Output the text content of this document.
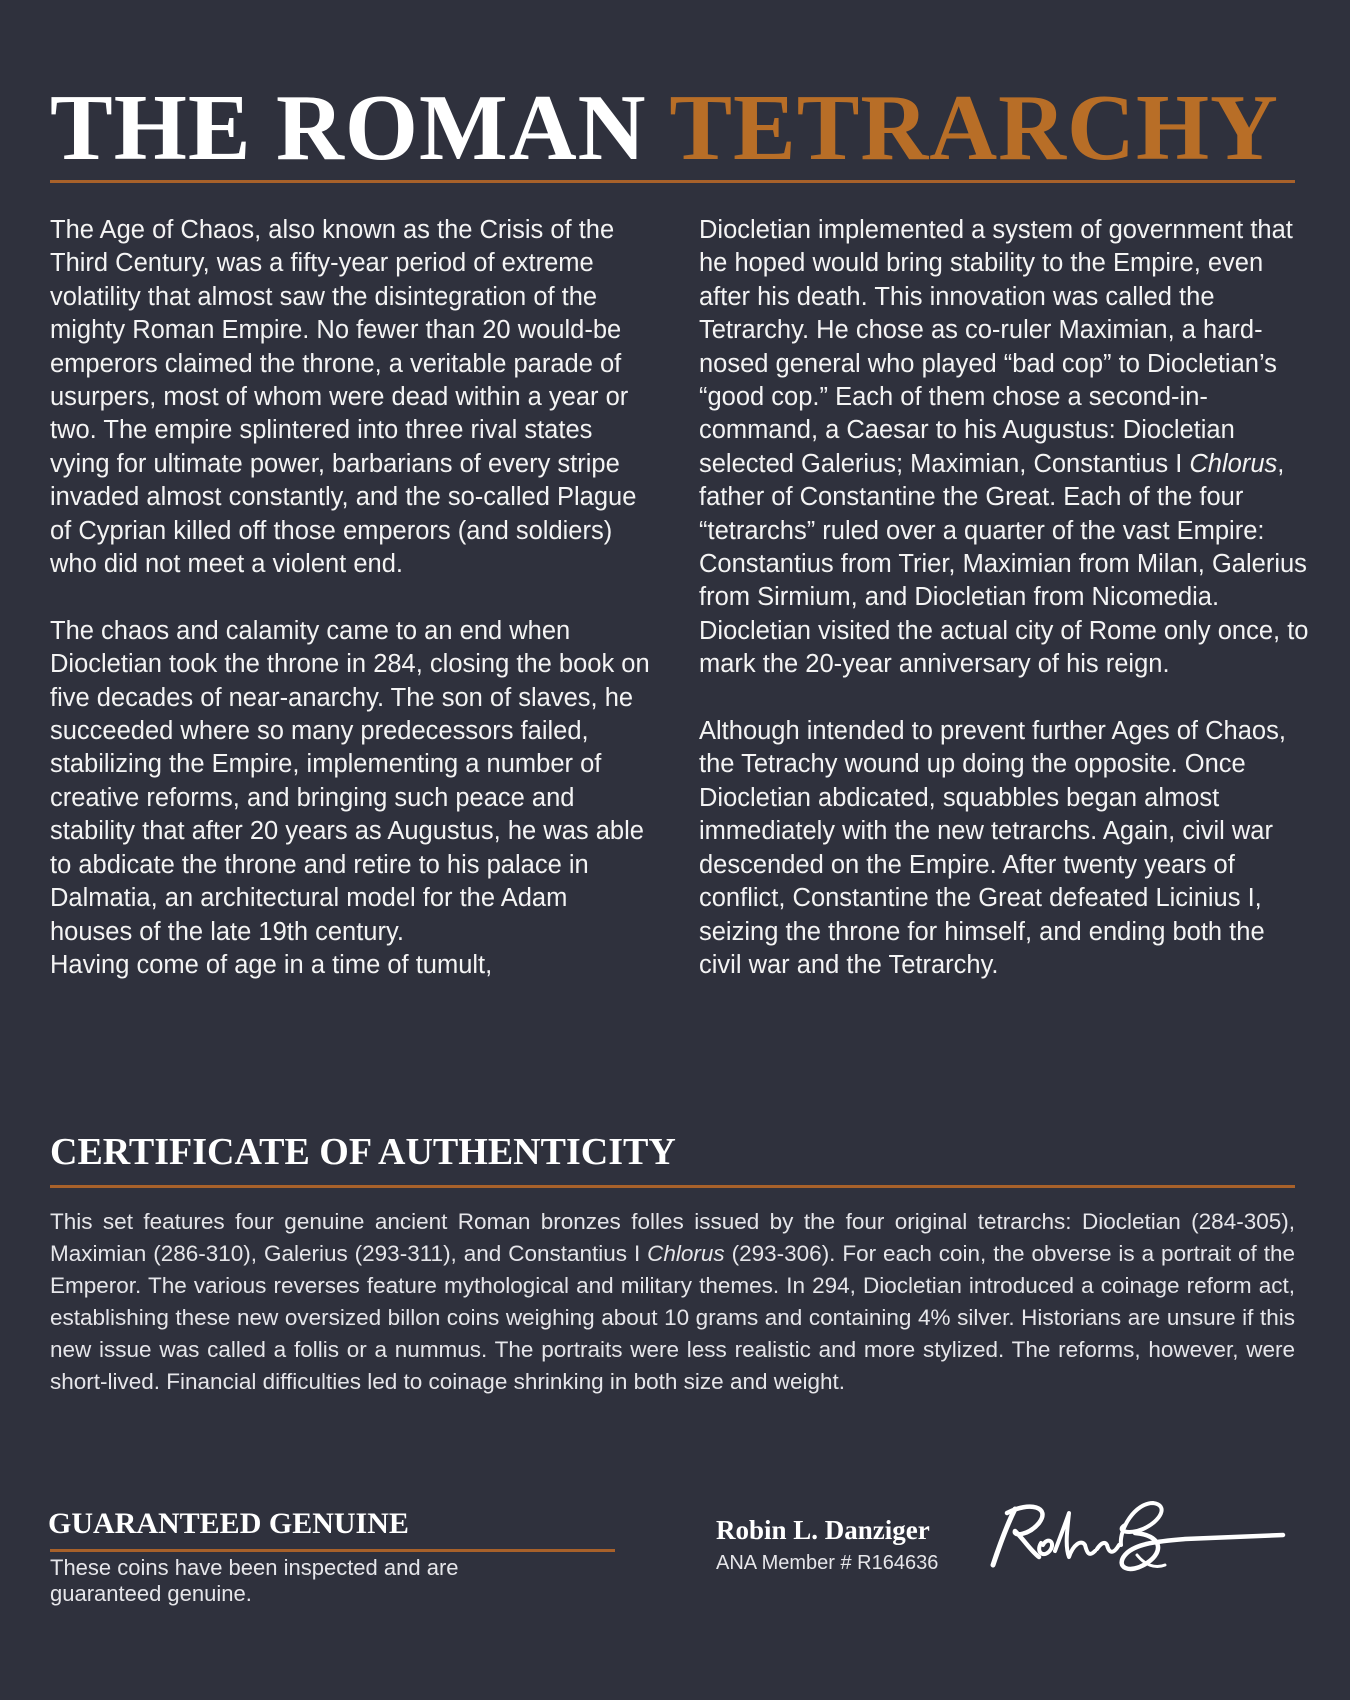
THE ROMAN TETRARCHY

The Age of Chaos, also known as the Crisis of the Third Century, was a fifty-year period of extreme volatility that almost saw the disintegration of the mighty Roman Empire. No fewer than 20 would-be emperors claimed the throne, a veritable parade of usurpers, most of whom were dead within a year or two. The empire splintered into three rival states vying for ultimate power, barbarians of every stripe invaded almost constantly, and the so-called Plague of Cyprian killed off those emperors (and soldiers) who did not meet a violent end.

The chaos and calamity came to an end when Diocletian took the throne in 284, closing the book on five decades of near-anarchy. The son of slaves, he succeeded where so many predecessors failed, stabilizing the Empire, implementing a number of creative reforms, and bringing such peace and stability that after 20 years as Augustus, he was able to abdicate the throne and retire to his palace in Dalmatia, an architectural model for the Adam houses of the late 19th century.

Having come of age in a time of tumult,

Diocletian implemented a system of government that he hoped would bring stability to the Empire, even after his death. This innovation was called the Tetrarchy. He chose as co-ruler Maximian, a hard-nosed general who played “bad cop” to Diocletian’s “good cop.” Each of them chose a second-in-command, a Caesar to his Augustus: Diocletian selected Galerius; Maximian, Constantius I Chlorus, father of Constantine the Great. Each of the four “tetrarchs” ruled over a quarter of the vast Empire: Constantius from Trier, Maximian from Milan, Galerius from Sirmium, and Diocletian from Nicomedia. Diocletian visited the actual city of Rome only once, to mark the 20-year anniversary of his reign.

Although intended to prevent further Ages of Chaos, the Tetrachy wound up doing the opposite. Once Diocletian abdicated, squabbles began almost immediately with the new tetrarchs. Again, civil war descended on the Empire. After twenty years of conflict, Constantine the Great defeated Licinius I, seizing the throne for himself, and ending both the civil war and the Tetrarchy.

CERTIFICATE OF AUTHENTICITY

This set features four genuine ancient Roman bronzes folles issued by the four original tetrarchs: Diocletian (284-305), Maximian (286-310), Galerius (293-311), and Constantius I Chlorus (293-306). For each coin, the obverse is a portrait of the Emperor. The various reverses feature mythological and military themes. In 294, Diocletian introduced a coinage reform act, establishing these new oversized billon coins weighing about 10 grams and containing 4% silver. Historians are unsure if this new issue was called a follis or a nummus. The portraits were less realistic and more stylized. The reforms, however, were short-lived. Financial difficulties led to coinage shrinking in both size and weight.

GUARANTEED GENUINE

These coins have been inspected and are guaranteed genuine.

Robin L. Danziger
ANA Member # R164636
